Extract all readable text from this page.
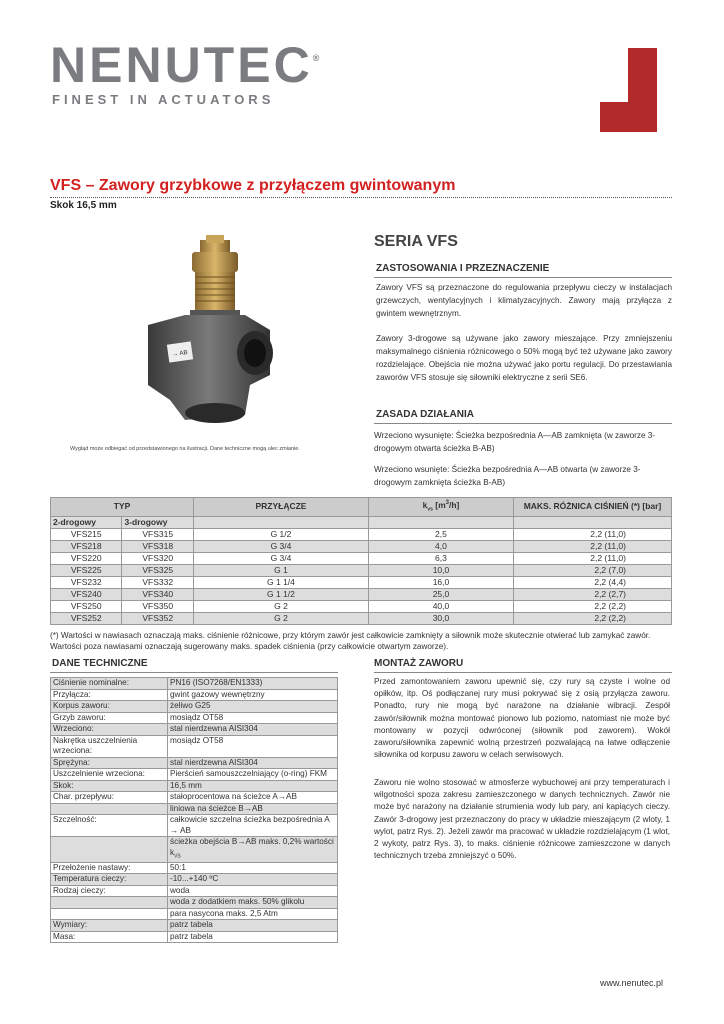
NENUTEC®
FINEST IN ACTUATORS
VFS – Zawory grzybkowe z przyłączem gwintowanym
Skok 16,5 mm
→ AB
Wygląd może odbiegać od przedstawionego na ilustracji. Dane techniczne mogą ulec zmianie.
SERIA VFS
ZASTOSOWANIA I PRZEZNACZENIE
Zawory VFS są przeznaczone do regulowania przepływu cieczy w instalacjach grzewczych, wentylacyjnych i klimatyzacyjnych. Zawory mają przyłącza z gwintem wewnętrznym.
Zawory 3-drogowe są używane jako zawory mieszające. Przy zmniejszeniu maksymalnego ciśnienia różnicowego o 50% mogą być też używane jako zawory rozdzielające. Obejścia nie można używać jako portu regulacji. Do przestawiania zaworów VFS stosuje się siłowniki elektryczne z serii SE6.
ZASADA DZIAŁANIA
Wrzeciono wysunięte: Ścieżka bezpośrednia A—AB zamknięta (w zaworze 3-drogowym otwarta ścieżka B-AB)
Wrzeciono wsunięte: Ścieżka bezpośrednia A—AB otwarta (w zaworze 3-drogowym zamknięta ścieżka B-AB)
TYP		PRZYŁĄCZE	$k_{vs}$ $[m^3/h]$	MAKS. RÓŻNICA CIŚNIEŃ (*) [bar]
2-drogowy	3-drogowy			
VFS215	VFS315	G 1/2	2,5	2,2 (11,0)
VFS218	VFS318	G 3/4	4,0	2,2 (11,0)
VFS220	VFS320	G 3/4	6,3	2,2 (11,0)
VFS225	VFS325	G 1	10,0	2,2 (7,0)
VFS232	VFS332	G 1 1/4	16,0	2,2 (4,4)
VFS240	VFS340	G 1 1/2	25,0	2,2 (2,7)
VFS250	VFS350	G 2	40,0	2,2 (2,2)
VFS252	VFS352	G 2	30,0	2,2 (2,2)
(*) Wartości w nawiasach oznaczają maks. ciśnienie różnicowe, przy którym zawór jest całkowicie zamknięty a siłownik może skutecznie otwierać lub zamykać zawór. Wartości poza nawiasami oznaczają sugerowany maks. spadek ciśnienia (przy całkowicie otwartym zaworze).
DANE TECHNICZNE
Ciśnienie nominalne:	PN16 (ISO7268/EN1333)
Przyłącza:	gwint gazowy wewnętrzny
Korpus zaworu:	żeliwo G25
Grzyb zaworu:	mosiądz OT58
Wrzeciono:	stal nierdzewna AISI304
Nakrętka uszczelnienia wrzeciona:	mosiądz OT58
Sprężyna:	stal nierdzewna AISI304
Uszczelnienie wrzeciona:	Pierścień samouszczelniający (o-ring) FKM
Skok:	16,5 mm
Char. przepływu:	stałoprocentowa na ścieżce A→AB
	liniowa na ścieżce B→AB
Szczelność:	całkowicie szczelna ścieżka bezpośrednia A → AB
	ścieżka obejścia B→AB maks. 0,2% wartości $k_{VS}$
Przełożenie nastawy:	50:1
Temperatura cieczy:	-10...+140 ºC
Rodzaj cieczy:	woda
	woda z dodatkiem maks. 50% glikolu
	para nasycona maks. 2,5 Atm
Wymiary:	patrz tabela
Masa:	patrz tabela
MONTAŻ ZAWORU
Przed zamontowaniem zaworu upewnić się, czy rury są czyste i wolne od opiłków, itp. Oś podłączanej rury musi pokrywać się z osią przyłącza zaworu. Ponadto, rury nie mogą być narażone na działanie wibracji. Zespół zawór/siłownik można montować pionowo lub poziomo, natomiast nie może być montowany w pozycji odwróconej (siłownik pod zaworem). Wokół zaworu/siłownika zapewnić wolną przestrzeń pozwalającą na łatwe odłączenie siłownika od korpusu zaworu w celach serwisowych.
Zaworu nie wolno stosować w atmosferze wybuchowej ani przy temperaturach i wilgotności spoza zakresu zamieszczonego w danych technicznych. Zawór nie może być narażony na działanie strumienia wody lub pary, ani kapiących cieczy. Zawór 3-drogowy jest przeznaczony do pracy w układzie mieszającym (2 wloty, 1 wylot, patrz Rys. 2). Jeżeli zawór ma pracować w układzie rozdzielającym (1 wlot, 2 wykoty, patrz Rys. 3), to maks. ciśnienie różnicowe zamieszczone w danych technicznych trzeba zmniejszyć o 50%.
www.nenutec.pl
